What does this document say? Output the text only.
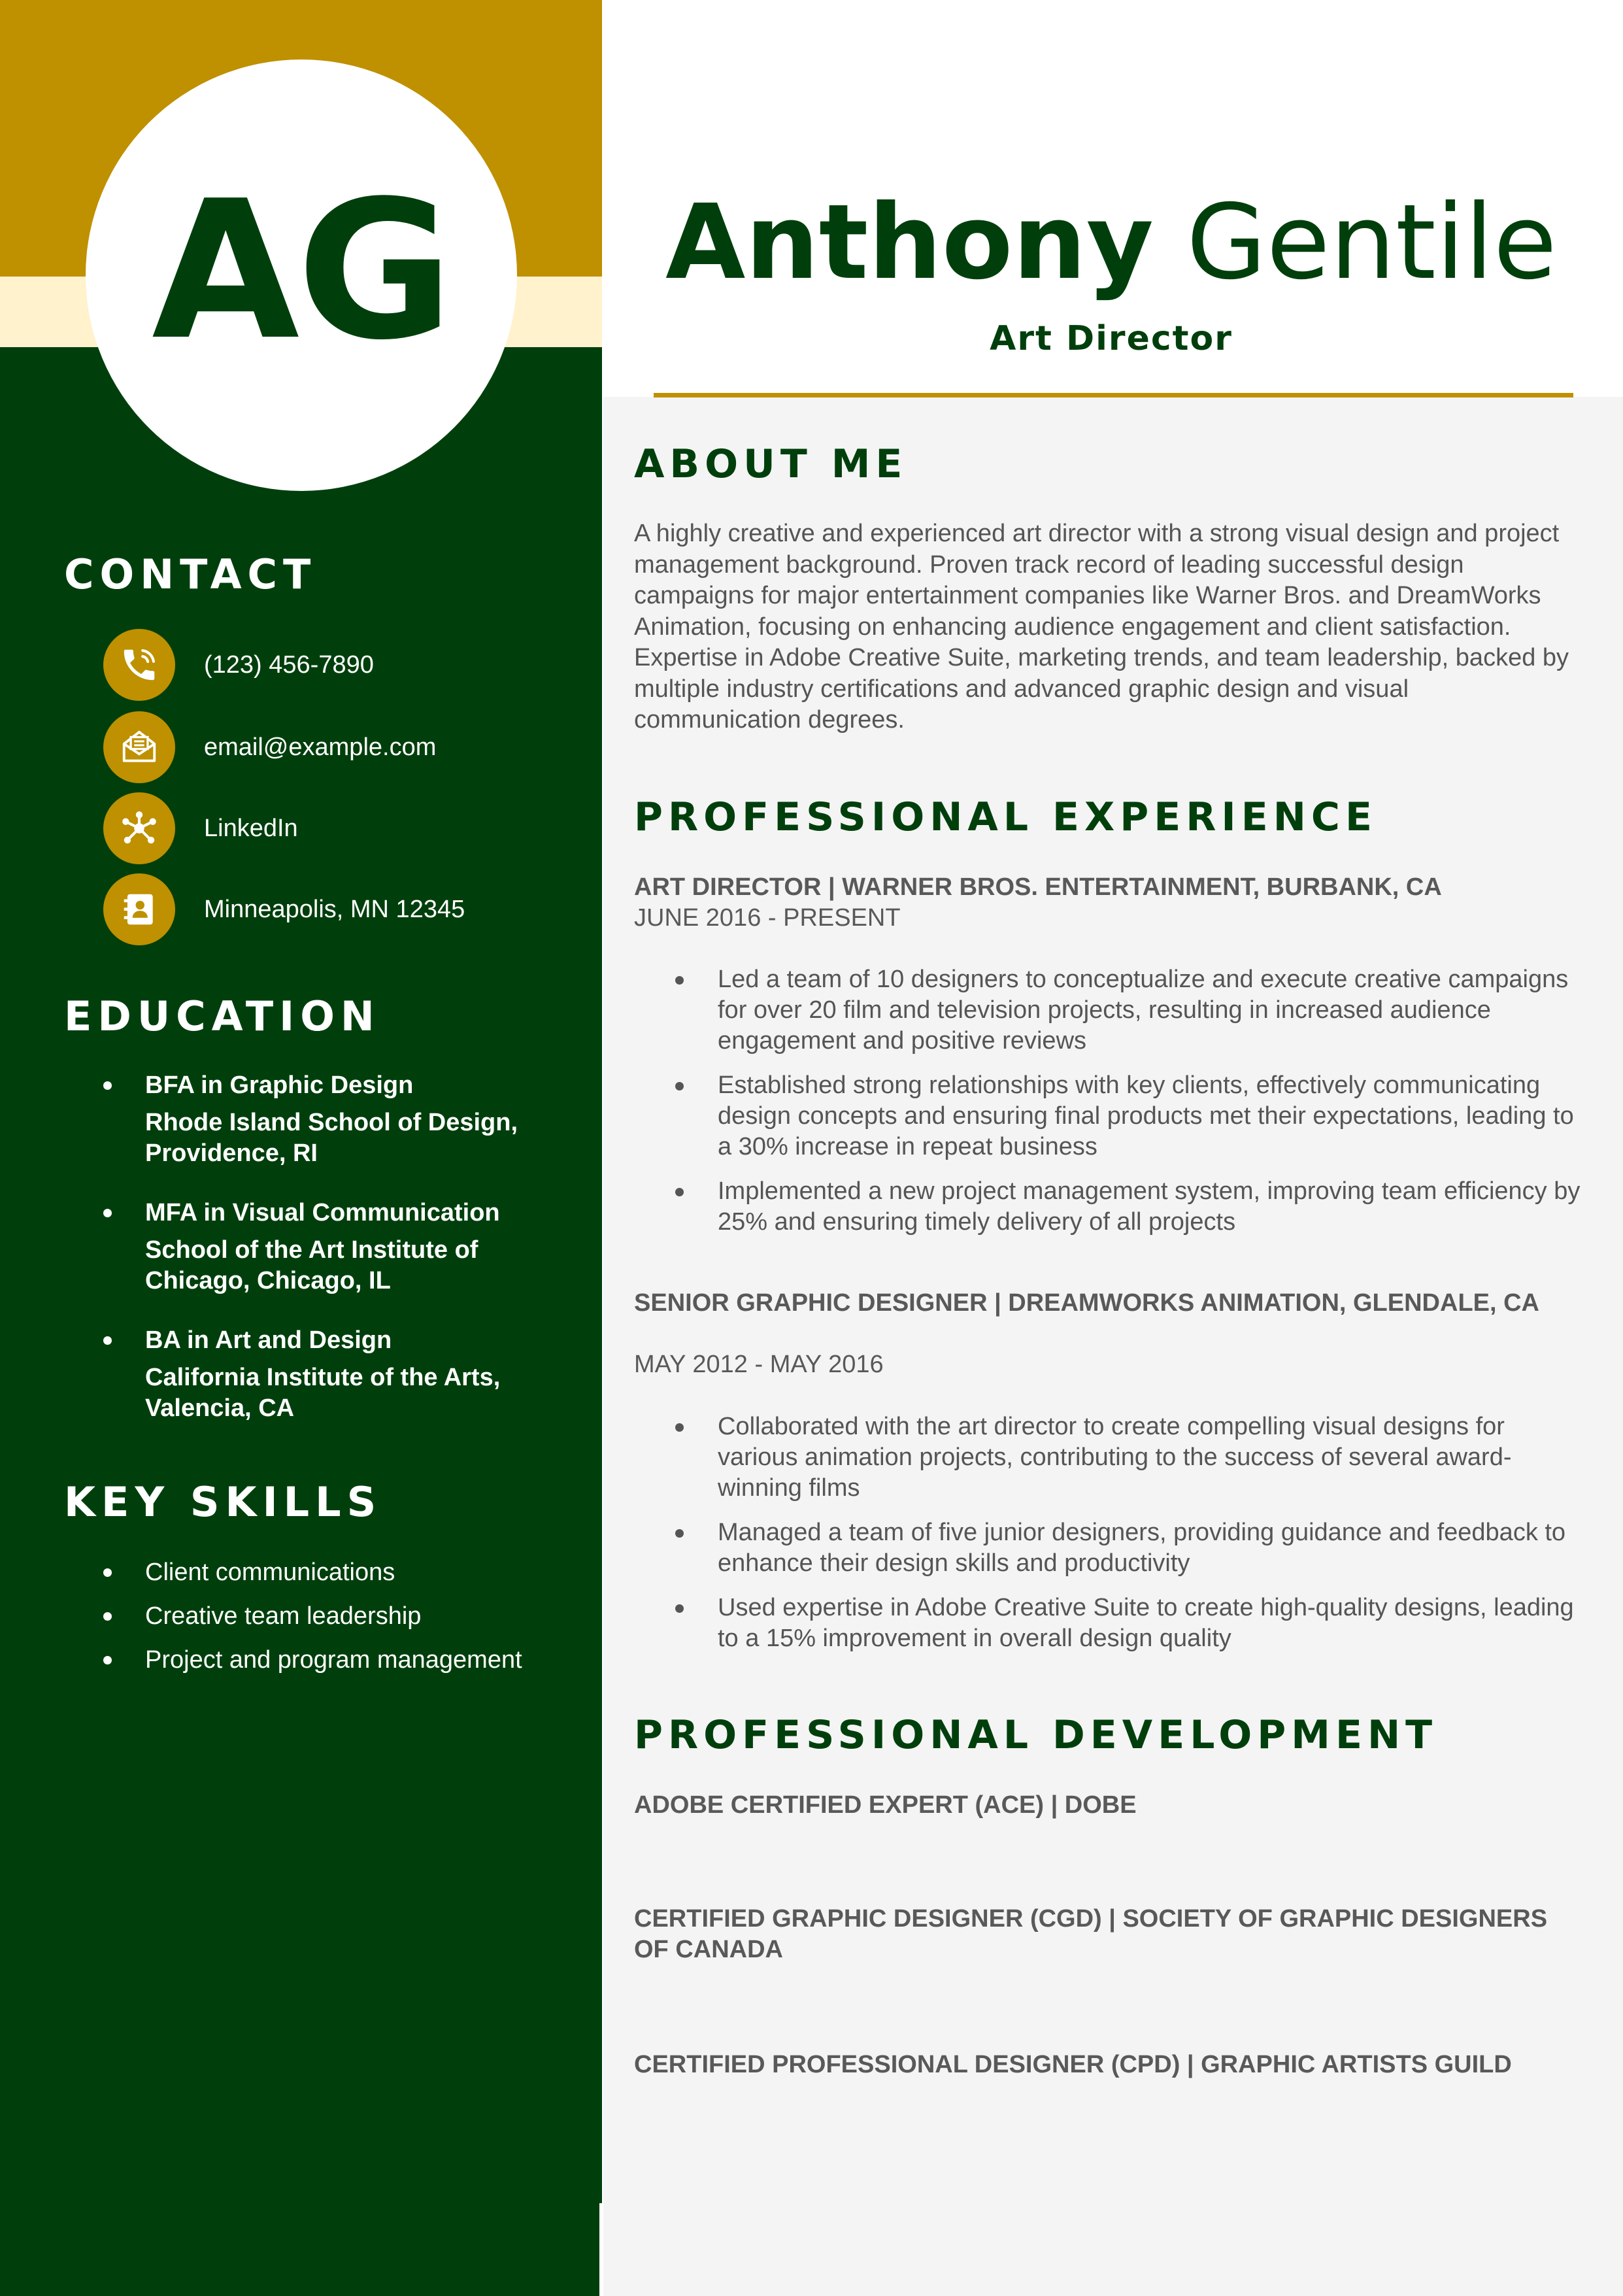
AG
CONTACT
(123) 456-7890
email@example.com
LinkedIn
Minneapolis, MN 12345
EDUCATION
BFA in Graphic Design
Rhode Island School of Design, Providence, RI
MFA in Visual Communication
School of the Art Institute of Chicago, Chicago, IL
BA in Art and Design
California Institute of the Arts, Valencia, CA
KEY SKILLS
Client communications
Creative team leadership
Project and program management
Anthony Gentile
Art Director
ABOUT ME
A highly creative and experienced art director with a strong visual design and project management background. Proven track record of leading successful design campaigns for major entertainment companies like Warner Bros. and DreamWorks Animation, focusing on enhancing audience engagement and client satisfaction. Expertise in Adobe Creative Suite, marketing trends, and team leadership, backed by multiple industry certifications and advanced graphic design and visual communication degrees.
PROFESSIONAL EXPERIENCE
ART DIRECTOR | WARNER BROS. ENTERTAINMENT, BURBANK, CA
JUNE 2016 - PRESENT
Led a team of 10 designers to conceptualize and execute creative campaigns for over 20 film and television projects, resulting in increased audience engagement and positive reviews
Established strong relationships with key clients, effectively communicating design concepts and ensuring final products met their expectations, leading to a 30% increase in repeat business
Implemented a new project management system, improving team efficiency by 25% and ensuring timely delivery of all projects
SENIOR GRAPHIC DESIGNER | DREAMWORKS ANIMATION, GLENDALE, CA
MAY 2012 - MAY 2016
Collaborated with the art director to create compelling visual designs for various animation projects, contributing to the success of several award-winning films
Managed a team of five junior designers, providing guidance and feedback to enhance their design skills and productivity
Used expertise in Adobe Creative Suite to create high-quality designs, leading to a 15% improvement in overall design quality
PROFESSIONAL DEVELOPMENT
ADOBE CERTIFIED EXPERT (ACE) | DOBE
CERTIFIED GRAPHIC DESIGNER (CGD) | SOCIETY OF GRAPHIC DESIGNERS OF CANADA
CERTIFIED PROFESSIONAL DESIGNER (CPD) | GRAPHIC ARTISTS GUILD
